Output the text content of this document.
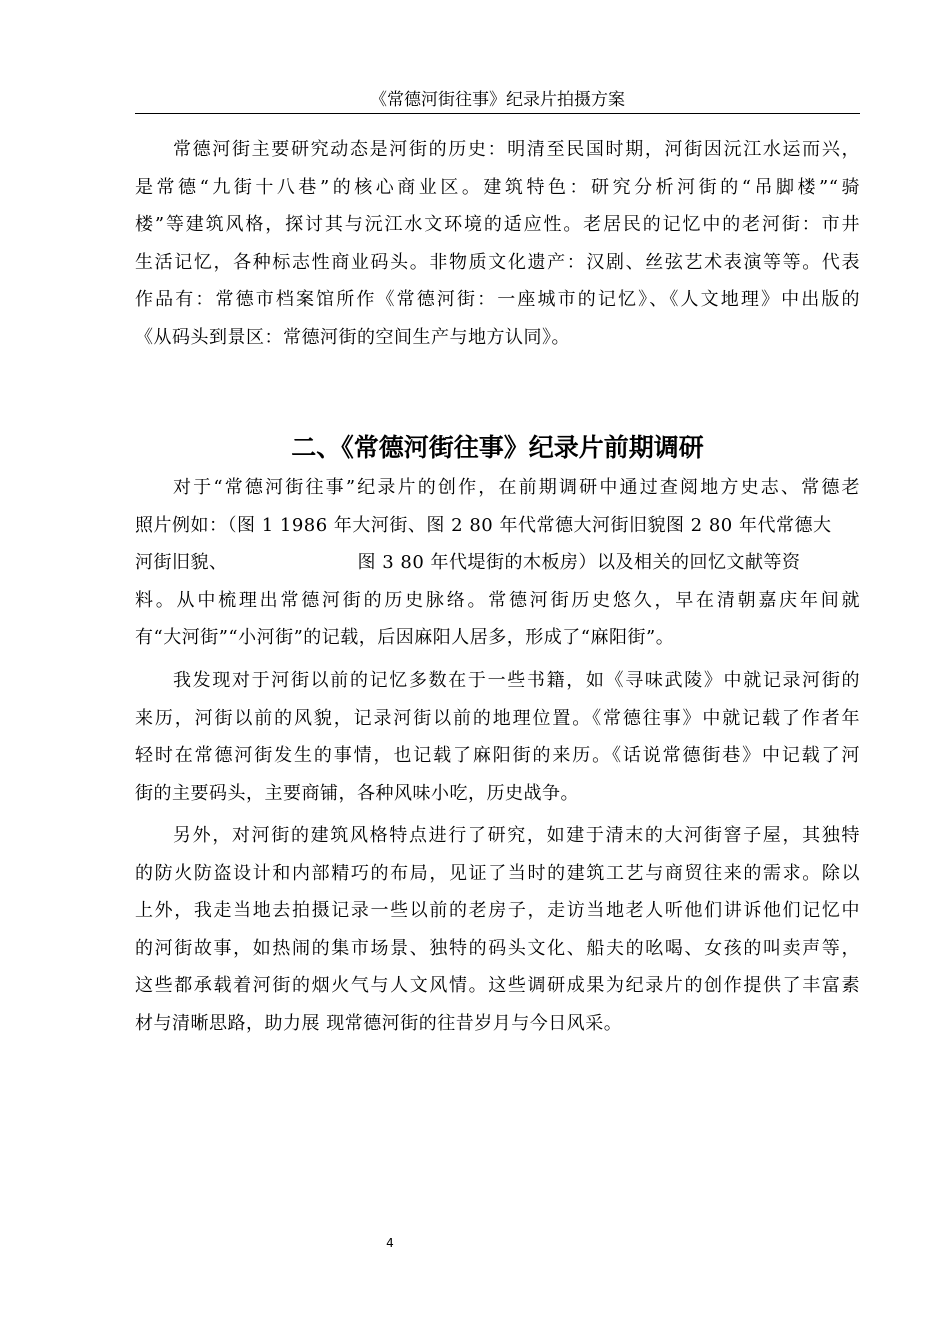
《常德河街往事》纪录片拍摄方案
常德河街主要研究动态是河街的历史：明清至民国时期，河街因沅江水运而兴，
是常德“九街十八巷”的核心商业区。建筑特色：研究分析河街的“吊脚楼”“骑
楼”等建筑风格，探讨其与沅江水文环境的适应性。老居民的记忆中的老河街：市井
生活记忆，各种标志性商业码头。非物质文化遗产：汉剧、丝弦艺术表演等等。代表
作品有：常德市档案馆所作《常德河街：一座城市的记忆》、《人文地理》中出版的
《从码头到景区：常德河街的空间生产与地方认同》。
二、《常德河街往事》纪录片前期调研
对于“常德河街往事”纪录片的创作，在前期调研中通过查阅地方史志、常德老
照片例如：（图 1 1986 年大河街、图 2 80 年代常德大河街旧貌图 2 80 年代常德大
河街旧貌、	图 3 80 年代堤街的木板房）以及相关的回忆文献等资
料。从中梳理出常德河街的历史脉络。常德河街历史悠久，早在清朝嘉庆年间就
有“大河街”“小河街”的记载，后因麻阳人居多，形成了“麻阳街”。
我发现对于河街以前的记忆多数在于一些书籍，如《寻味武陵》中就记录河街的
来历，河街以前的风貌，记录河街以前的地理位置。《常德往事》中就记载了作者年
轻时在常德河街发生的事情，也记载了麻阳街的来历。《话说常德街巷》中记载了河
街的主要码头，主要商铺，各种风味小吃，历史战争。
另外，对河街的建筑风格特点进行了研究，如建于清末的大河街窨子屋，其独特
的防火防盗设计和内部精巧的布局，见证了当时的建筑工艺与商贸往来的需求。除以
上外，我走当地去拍摄记录一些以前的老房子，走访当地老人听他们讲诉他们记忆中
的河街故事，如热闹的集市场景、独特的码头文化、船夫的吆喝、女孩的叫卖声等，
这些都承载着河街的烟火气与人文风情。这些调研成果为纪录片的创作提供了丰富素
材与清晰思路，助力展 现常德河街的往昔岁月与今日风采。
4
